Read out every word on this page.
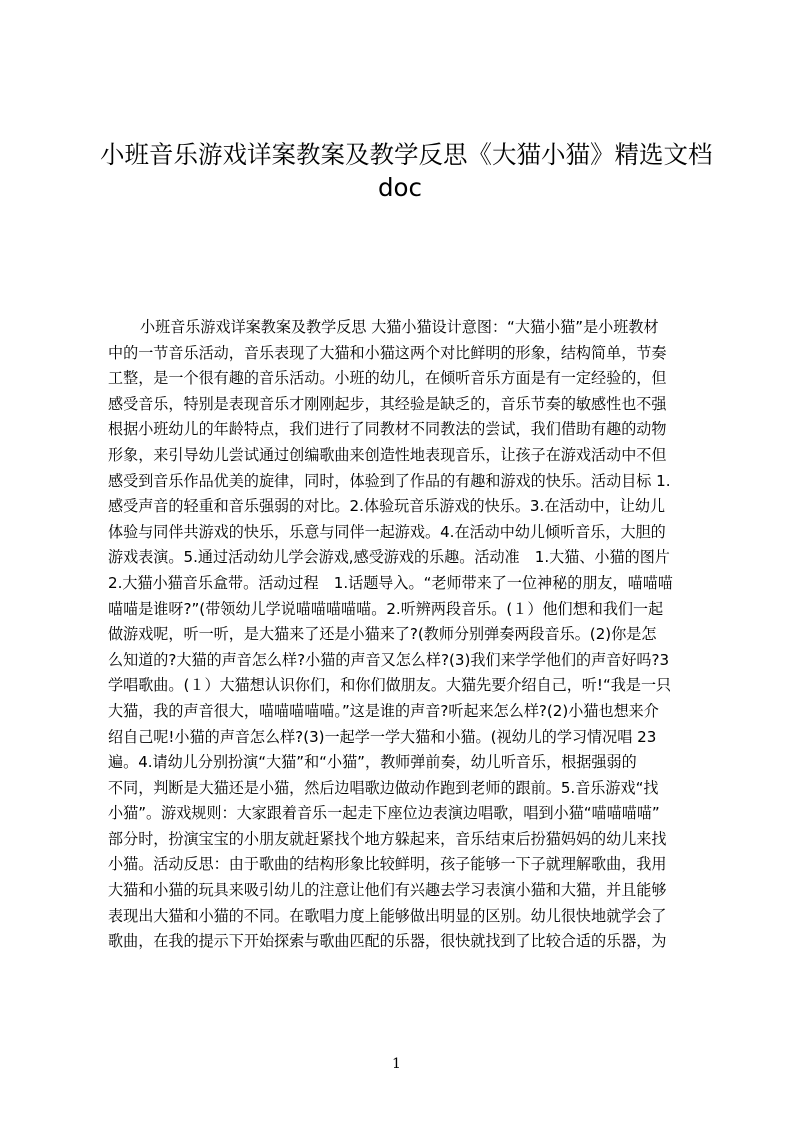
小班音乐游戏详案教案及教学反思《大猫小猫》精选文档
doc
小班音乐游戏详案教案及教学反思 大猫小猫设计意图：“大猫小猫”是小班教材
中的一节音乐活动，音乐表现了大猫和小猫这两个对比鲜明的形象，结构简单，节奏
工整，是一个很有趣的音乐活动。小班的幼儿，在倾听音乐方面是有一定经验的，但
感受音乐，特别是表现音乐才刚刚起步，其经验是缺乏的，音乐节奏的敏感性也不强
根据小班幼儿的年龄特点，我们进行了同教材不同教法的尝试，我们借助有趣的动物
形象，来引导幼儿尝试通过创编歌曲来创造性地表现音乐，让孩子在游戏活动中不但
感受到音乐作品优美的旋律，同时，体验到了作品的有趣和游戏的快乐。活动目标 1.
感受声音的轻重和音乐强弱的对比。2.体验玩音乐游戏的快乐。3.在活动中，让幼儿
体验与同伴共游戏的快乐，乐意与同伴一起游戏。4.在活动中幼儿倾听音乐，大胆的
游戏表演。5.通过活动幼儿学会游戏,感受游戏的乐趣。活动准　1.大猫、小猫的图片
2.大猫小猫音乐盒带。活动过程　1.话题导入。“老师带来了一位神秘的朋友，喵喵喵
喵喵是谁呀?”(带领幼儿学说喵喵喵喵喵。2.听辨两段音乐。(１）他们想和我们一起
做游戏呢，听一听，是大猫来了还是小猫来了?(教师分别弹奏两段音乐。(2)你是怎
么知道的?大猫的声音怎么样?小猫的声音又怎么样?(3)我们来学学他们的声音好吗?3
学唱歌曲。(１）大猫想认识你们，和你们做朋友。大猫先要介绍自己，听!“我是一只
大猫，我的声音很大，喵喵喵喵喵。”这是谁的声音?听起来怎么样?(2)小猫也想来介
绍自己呢!小猫的声音怎么样?(3)一起学一学大猫和小猫。(视幼儿的学习情况唱 23
遍。4.请幼儿分别扮演“大猫”和“小猫”，教师弹前奏，幼儿听音乐，根据强弱的
不同，判断是大猫还是小猫，然后边唱歌边做动作跑到老师的跟前。5.音乐游戏“找
小猫”。游戏规则：大家跟着音乐一起走下座位边表演边唱歌，唱到小猫“喵喵喵喵”
部分时，扮演宝宝的小朋友就赶紧找个地方躲起来，音乐结束后扮猫妈妈的幼儿来找
小猫。活动反思：由于歌曲的结构形象比较鲜明，孩子能够一下子就理解歌曲，我用
大猫和小猫的玩具来吸引幼儿的注意让他们有兴趣去学习表演小猫和大猫，并且能够
表现出大猫和小猫的不同。在歌唱力度上能够做出明显的区别。幼儿很快地就学会了
歌曲，在我的提示下开始探索与歌曲匹配的乐器，很快就找到了比较合适的乐器，为
1
